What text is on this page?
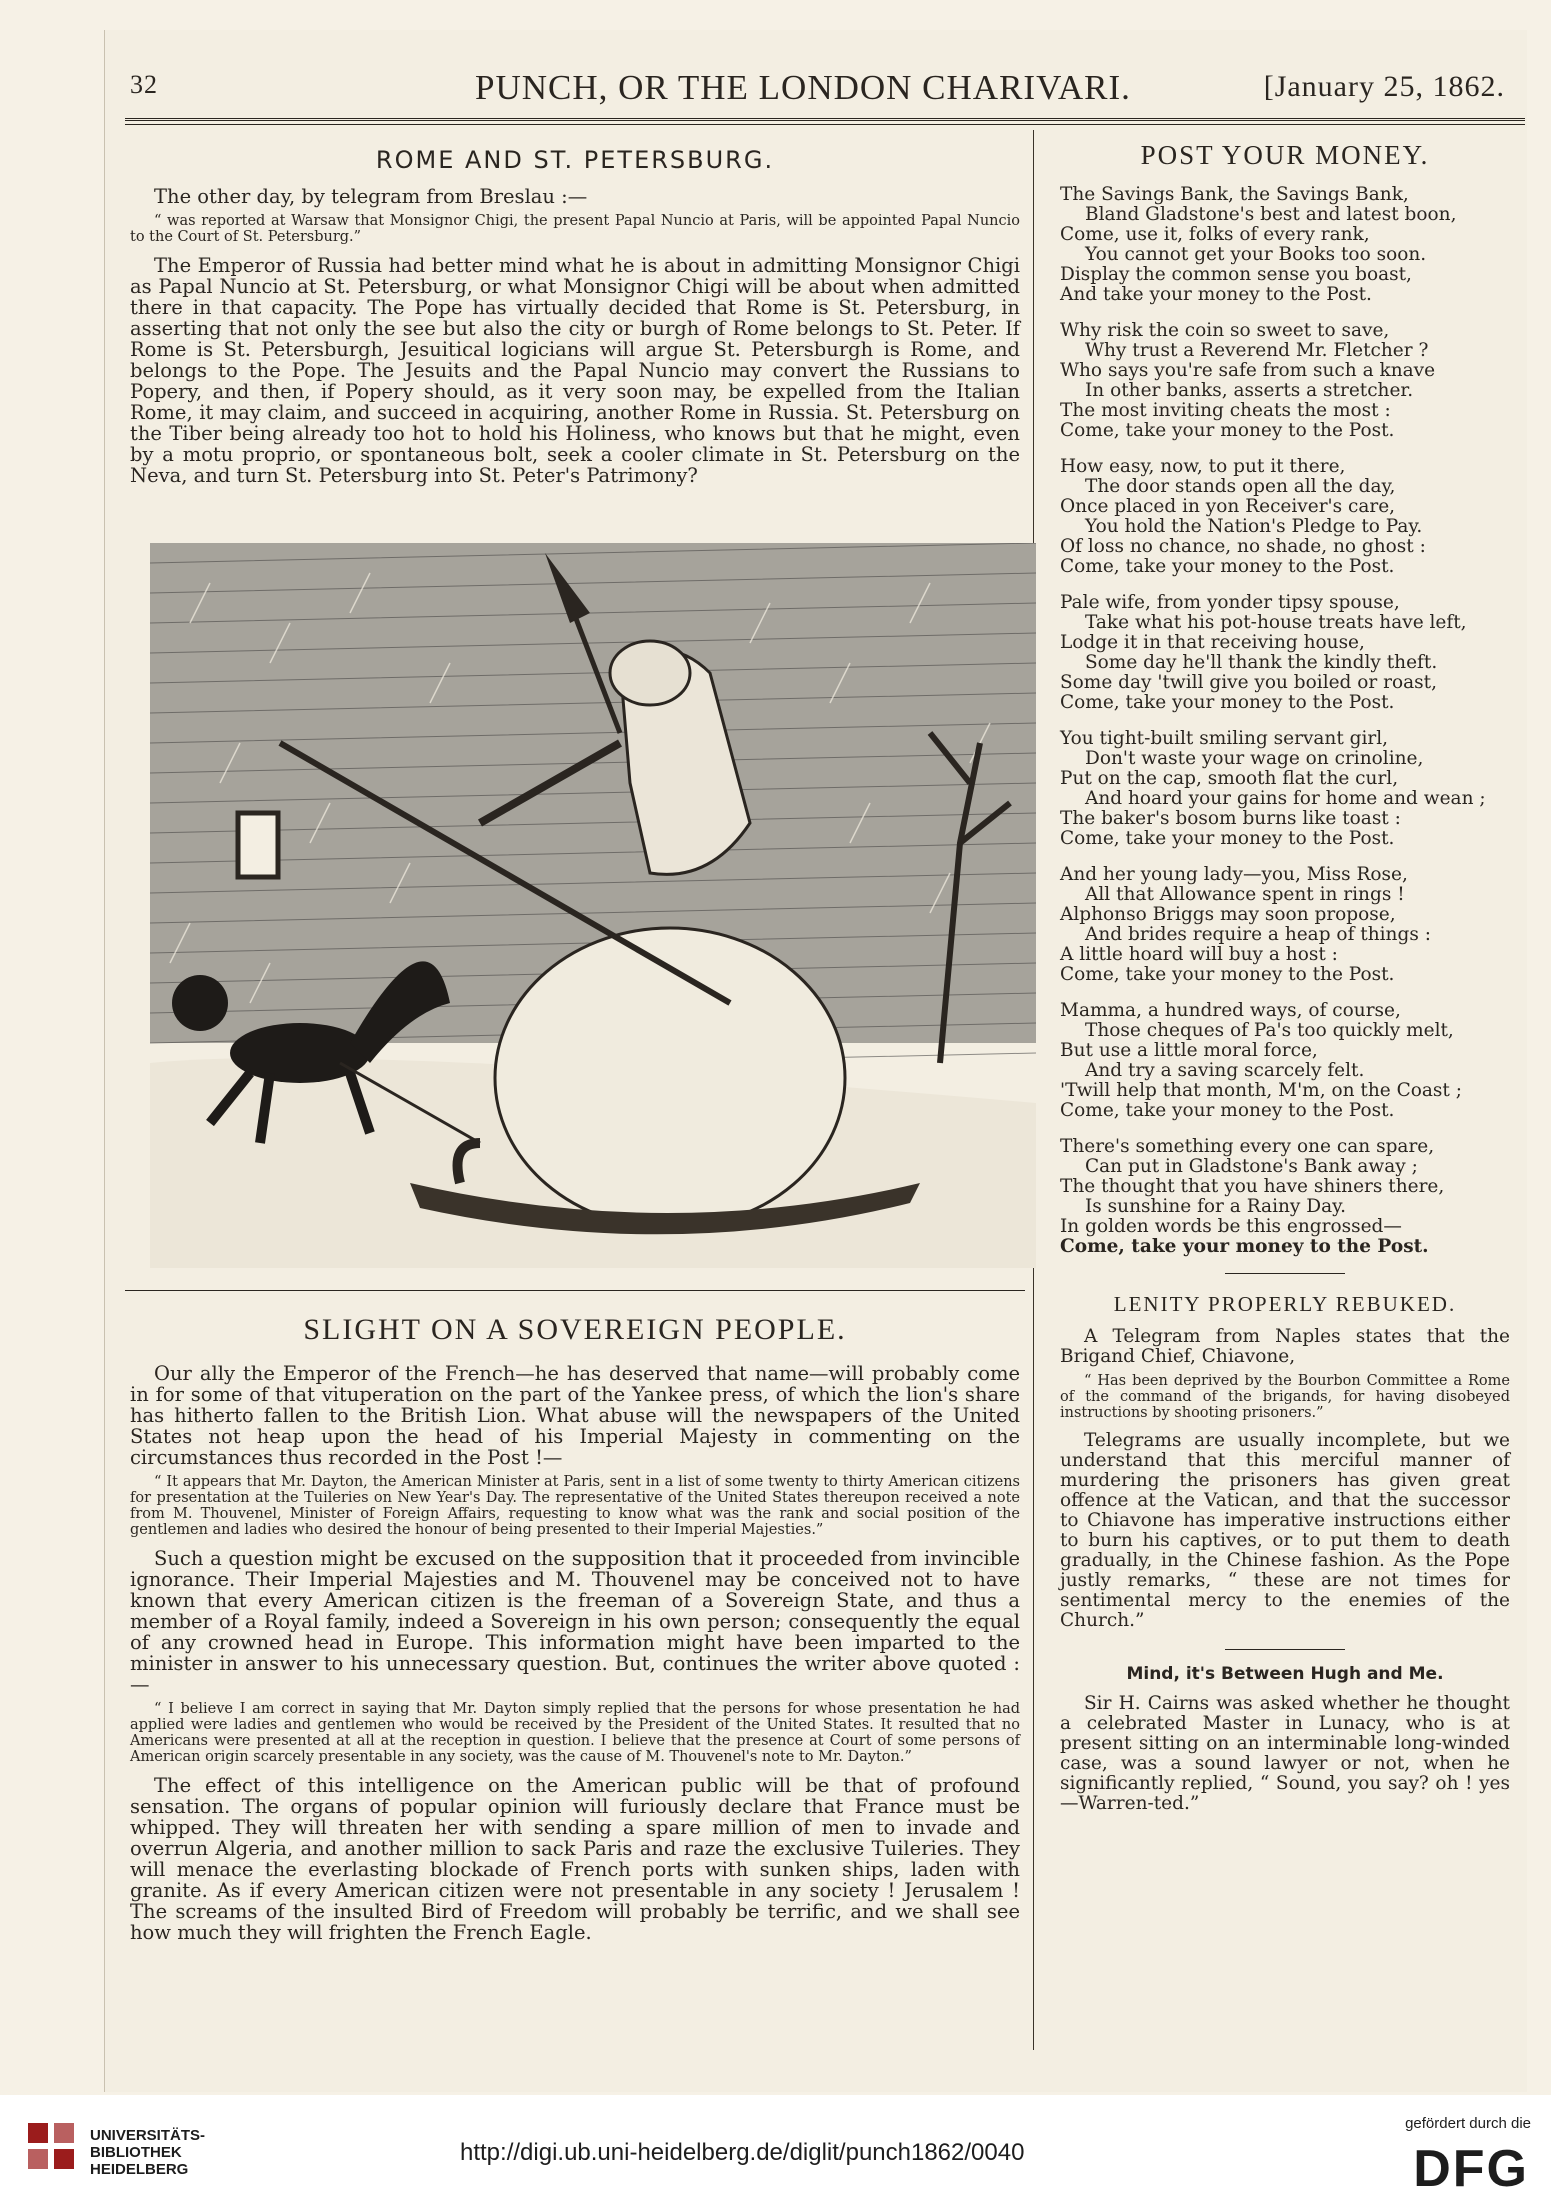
32	PUNCH, OR THE LONDON CHARIVARI.	[January 25, 1862.
ROME AND ST. PETERSBURG.

The other day, by telegram from Breslau :—

“ was reported at Warsaw that Monsignor Chigi, the present Papal Nuncio at Paris, will be appointed Papal Nuncio to the Court of St. Petersburg.”

The Emperor of Russia had better mind what he is about in admitting Monsignor Chigi as Papal Nuncio at St. Petersburg, or what Monsignor Chigi will be about when admitted there in that capacity. The Pope has virtually decided that Rome is St. Petersburg, in asserting that not only the see but also the city or burgh of Rome belongs to St. Peter. If Rome is St. Petersburgh, Jesuitical logicians will argue St. Petersburgh is Rome, and belongs to the Pope. The Jesuits and the Papal Nuncio may convert the Russians to Popery, and then, if Popery should, as it very soon may, be expelled from the Italian Rome, it may claim, and succeed in acquiring, another Rome in Russia. St. Petersburg on the Tiber being already too hot to hold his Holiness, who knows but that he might, even by a motu proprio, or spontaneous bolt, seek a cooler climate in St. Petersburg on the Neva, and turn St. Petersburg into St. Peter's Patrimony?

SLIGHT ON A SOVEREIGN PEOPLE.

Our ally the Emperor of the French—he has deserved that name—will probably come in for some of that vituperation on the part of the Yankee press, of which the lion's share has hitherto fallen to the British Lion. What abuse will the newspapers of the United States not heap upon the head of his Imperial Majesty in commenting on the circumstances thus recorded in the Post !—

“ It appears that Mr. Dayton, the American Minister at Paris, sent in a list of some twenty to thirty American citizens for presentation at the Tuileries on New Year's Day. The representative of the United States thereupon received a note from M. Thouvenel, Minister of Foreign Affairs, requesting to know what was the rank and social position of the gentlemen and ladies who desired the honour of being presented to their Imperial Majesties.”

Such a question might be excused on the supposition that it proceeded from invincible ignorance. Their Imperial Majesties and M. Thouvenel may be conceived not to have known that every American citizen is the freeman of a Sovereign State, and thus a member of a Royal family, indeed a Sovereign in his own person; consequently the equal of any crowned head in Europe. This information might have been imparted to the minister in answer to his unnecessary question. But, continues the writer above quoted :—

“ I believe I am correct in saying that Mr. Dayton simply replied that the persons for whose presentation he had applied were ladies and gentlemen who would be received by the President of the United States. It resulted that no Americans were presented at all at the reception in question. I believe that the presence at Court of some persons of American origin scarcely presentable in any society, was the cause of M. Thouvenel's note to Mr. Dayton.”

The effect of this intelligence on the American public will be that of profound sensation. The organs of popular opinion will furiously declare that France must be whipped. They will threaten her with sending a spare million of men to invade and overrun Algeria, and another million to sack Paris and raze the exclusive Tuileries. They will menace the everlasting blockade of French ports with sunken ships, laden with granite. As if every American citizen were not presentable in any society ! Jerusalem ! The screams of the insulted Bird of Freedom will probably be terrific, and we shall see how much they will frighten the French Eagle.

POST YOUR MONEY.

The Savings Bank, the Savings Bank,

Bland Gladstone's best and latest boon,

Come, use it, folks of every rank,

You cannot get your Books too soon.

Display the common sense you boast,

And take your money to the Post.

Why risk the coin so sweet to save,

Why trust a Reverend Mr. Fletcher ?

Who says you're safe from such a knave

In other banks, asserts a stretcher.

The most inviting cheats the most :

Come, take your money to the Post.

How easy, now, to put it there,

The door stands open all the day,

Once placed in yon Receiver's care,

You hold the Nation's Pledge to Pay.

Of loss no chance, no shade, no ghost :

Come, take your money to the Post.

Pale wife, from yonder tipsy spouse,

Take what his pot-house treats have left,

Lodge it in that receiving house,

Some day he'll thank the kindly theft.

Some day 'twill give you boiled or roast,

Come, take your money to the Post.

You tight-built smiling servant girl,

Don't waste your wage on crinoline,

Put on the cap, smooth flat the curl,

And hoard your gains for home and wean ;

The baker's bosom burns like toast :

Come, take your money to the Post.

And her young lady—you, Miss Rose,

All that Allowance spent in rings !

Alphonso Briggs may soon propose,

And brides require a heap of things :

A little hoard will buy a host :

Come, take your money to the Post.

Mamma, a hundred ways, of course,

Those cheques of Pa's too quickly melt,

But use a little moral force,

And try a saving scarcely felt.

'Twill help that month, M'm, on the Coast ;

Come, take your money to the Post.

There's something every one can spare,

Can put in Gladstone's Bank away ;

The thought that you have shiners there,

Is sunshine for a Rainy Day.

In golden words be this engrossed—

Come, take your money to the Post.

LENITY PROPERLY REBUKED.

A Telegram from Naples states that the Brigand Chief, Chiavone,

“ Has been deprived by the Bourbon Committee a Rome of the command of the brigands, for having disobeyed instructions by shooting prisoners.”

Telegrams are usually incomplete, but we understand that this merciful manner of murdering the prisoners has given great offence at the Vatican, and that the successor to Chiavone has imperative instructions either to burn his captives, or to put them to death gradually, in the Chinese fashion. As the Pope justly remarks, “ these are not times for sentimental mercy to the enemies of the Church.”

Mind, it's Between Hugh and Me.

Sir H. Cairns was asked whether he thought a celebrated Master in Lunacy, who is at present sitting on an interminable long-winded case, was a sound lawyer or not, when he significantly replied, “ Sound, you say? oh ! yes—Warren-ted.”

UNIVERSITÄTS-
BIBLIOTHEK
HEIDELBERG
http://digi.ub.uni-heidelberg.de/diglit/punch1862/0040
gefördert durch die
DFG
